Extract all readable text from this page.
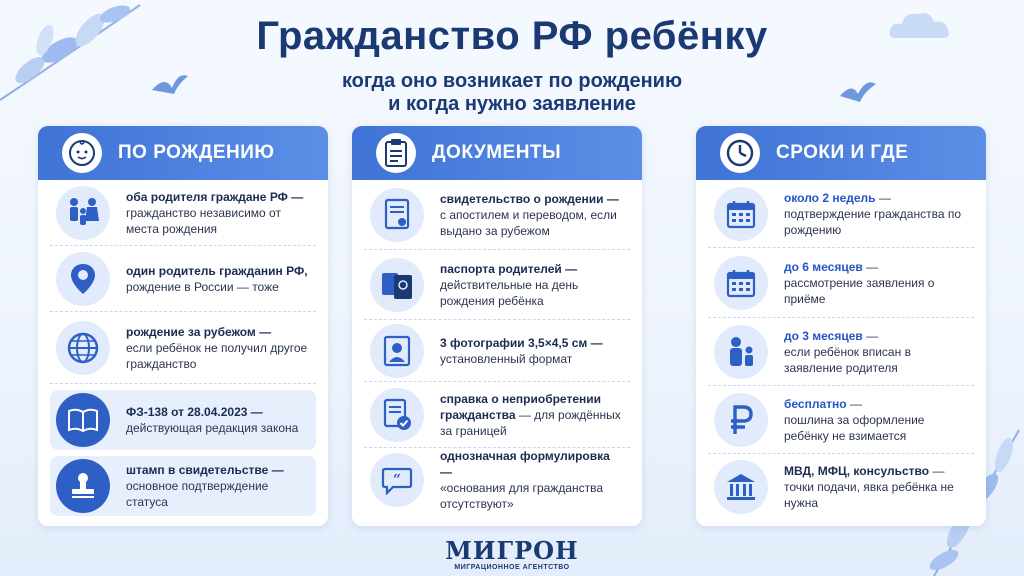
Гражданство РФ ребёнку
когда оно возникает по рождению
и когда нужно заявление
ПО РОЖДЕНИЮ
оба родителя граждане РФ —
гражданство независимо от места рождения
один родитель гражданин РФ,
рождение в России — тоже
рождение за рубежом —
если ребёнок не получил другое гражданство
ФЗ-138 от 28.04.2023 —
действующая редакция закона
штамп в свидетельстве —
основное подтверждение статуса
ДОКУМЕНТЫ
свидетельство о рождении —
с апостилем и переводом, если выдано за рубежом
паспорта родителей —
действительные на день рождения ребёнка
3 фотографии 3,5×4,5 см —
установленный формат
справка о неприобретении гражданства — для рождённых за границей
“
однозначная формулировка —
«основания для гражданства отсутствуют»
СРОКИ И ГДЕ
около 2 недель —
подтверждение гражданства по рождению
до 6 месяцев —
рассмотрение заявления о приёме
до 3 месяцев —
если ребёнок вписан в заявление родителя
бесплатно —
пошлина за оформление ребёнку не взимается
МВД, МФЦ, консульство —
точки подачи, явка ребёнка не нужна
МИГРОН
МИГРАЦИОННОЕ АГЕНТСТВО
